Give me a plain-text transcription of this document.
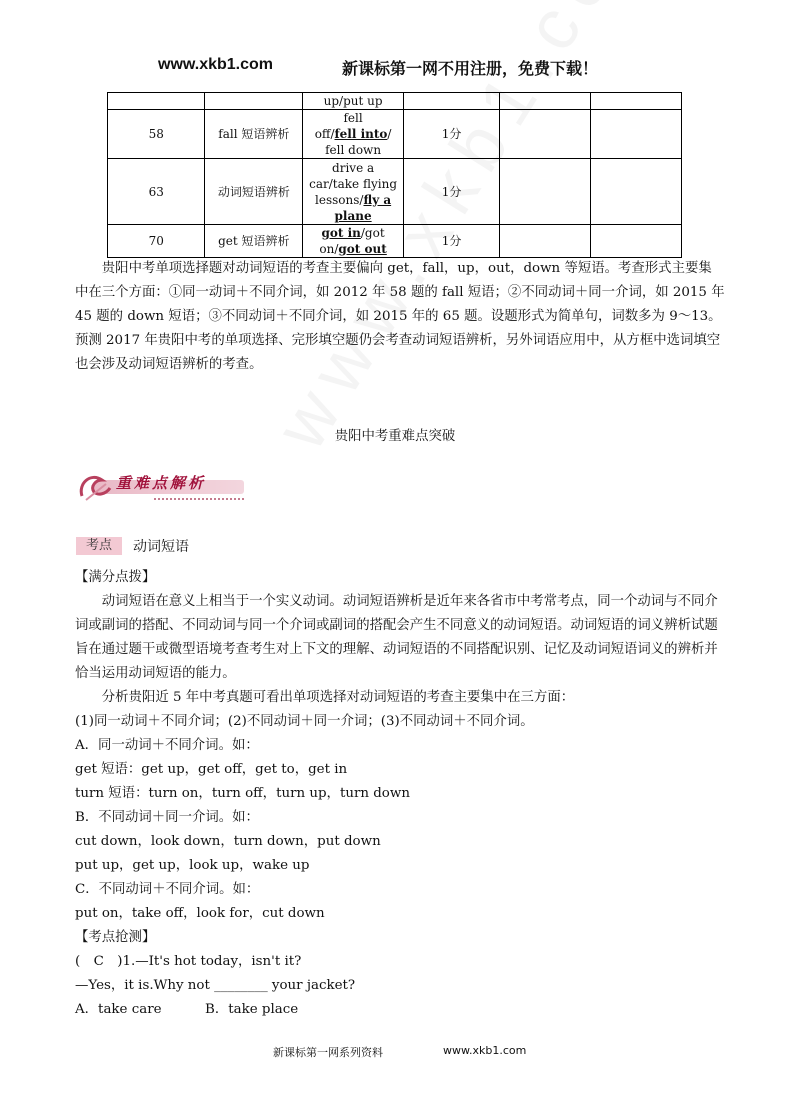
www.xkb1.com	新课标第一网不用注册，免费下载！
		up/put up			
58	fall 短语辨析	fell
off/fell into/
fell down	1分		
63	动词短语辨析	drive a
car/take flying
lessons/fly a
plane	1分		
70	get 短语辨析	got in/got
on/got out	1分		
贵阳中考单项选择题对动词短语的考查主要偏向 get，fall，up，out，down 等短语。考查形式主要集中在三个方面：①同一动词＋不同介词，如 2012 年 58 题的 fall 短语；②不同动词＋同一介词，如 2015 年 45 题的 down 短语；③不同动词＋不同介词，如 2015 年的 65 题。设题形式为简单句，词数多为 9～13。预测 2017 年贵阳中考的单项选择、完形填空题仍会考查动词短语辨析，另外词语应用中，从方框中选词填空也会涉及动词短语辨析的考查。
贵阳中考重难点突破
重难点解析
考点	动词短语

【满分点拨】

动词短语在意义上相当于一个实义动词。动词短语辨析是近年来各省市中考常考点，同一个动词与不同介词或副词的搭配、不同动词与同一个介词或副词的搭配会产生不同意义的动词短语。动词短语的词义辨析试题旨在通过题干或微型语境考查考生对上下文的理解、动词短语的不同搭配识别、记忆及动词短语词义的辨析并恰当运用动词短语的能力。

分析贵阳近 5 年中考真题可看出单项选择对动词短语的考查主要集中在三方面：

(1)同一动词＋不同介词；(2)不同动词＋同一介词；(3)不同动词＋不同介词。

A．同一动词＋不同介词。如：

get 短语：get up，get off，get to，get in

turn 短语：turn on，turn off，turn up，turn down

B．不同动词＋同一介词。如：

cut down，look down，turn down，put down

put up，get up，look up，wake up

C．不同动词＋不同介词。如：

put on，take off，look for，cut down

【考点抢测】

(　C　)1.—It's hot today，isn't it?

—Yes，it is.Why not ________ your jacket?

A．take care	B．take place

新课标第一网系列资料	www.xkb1.com
